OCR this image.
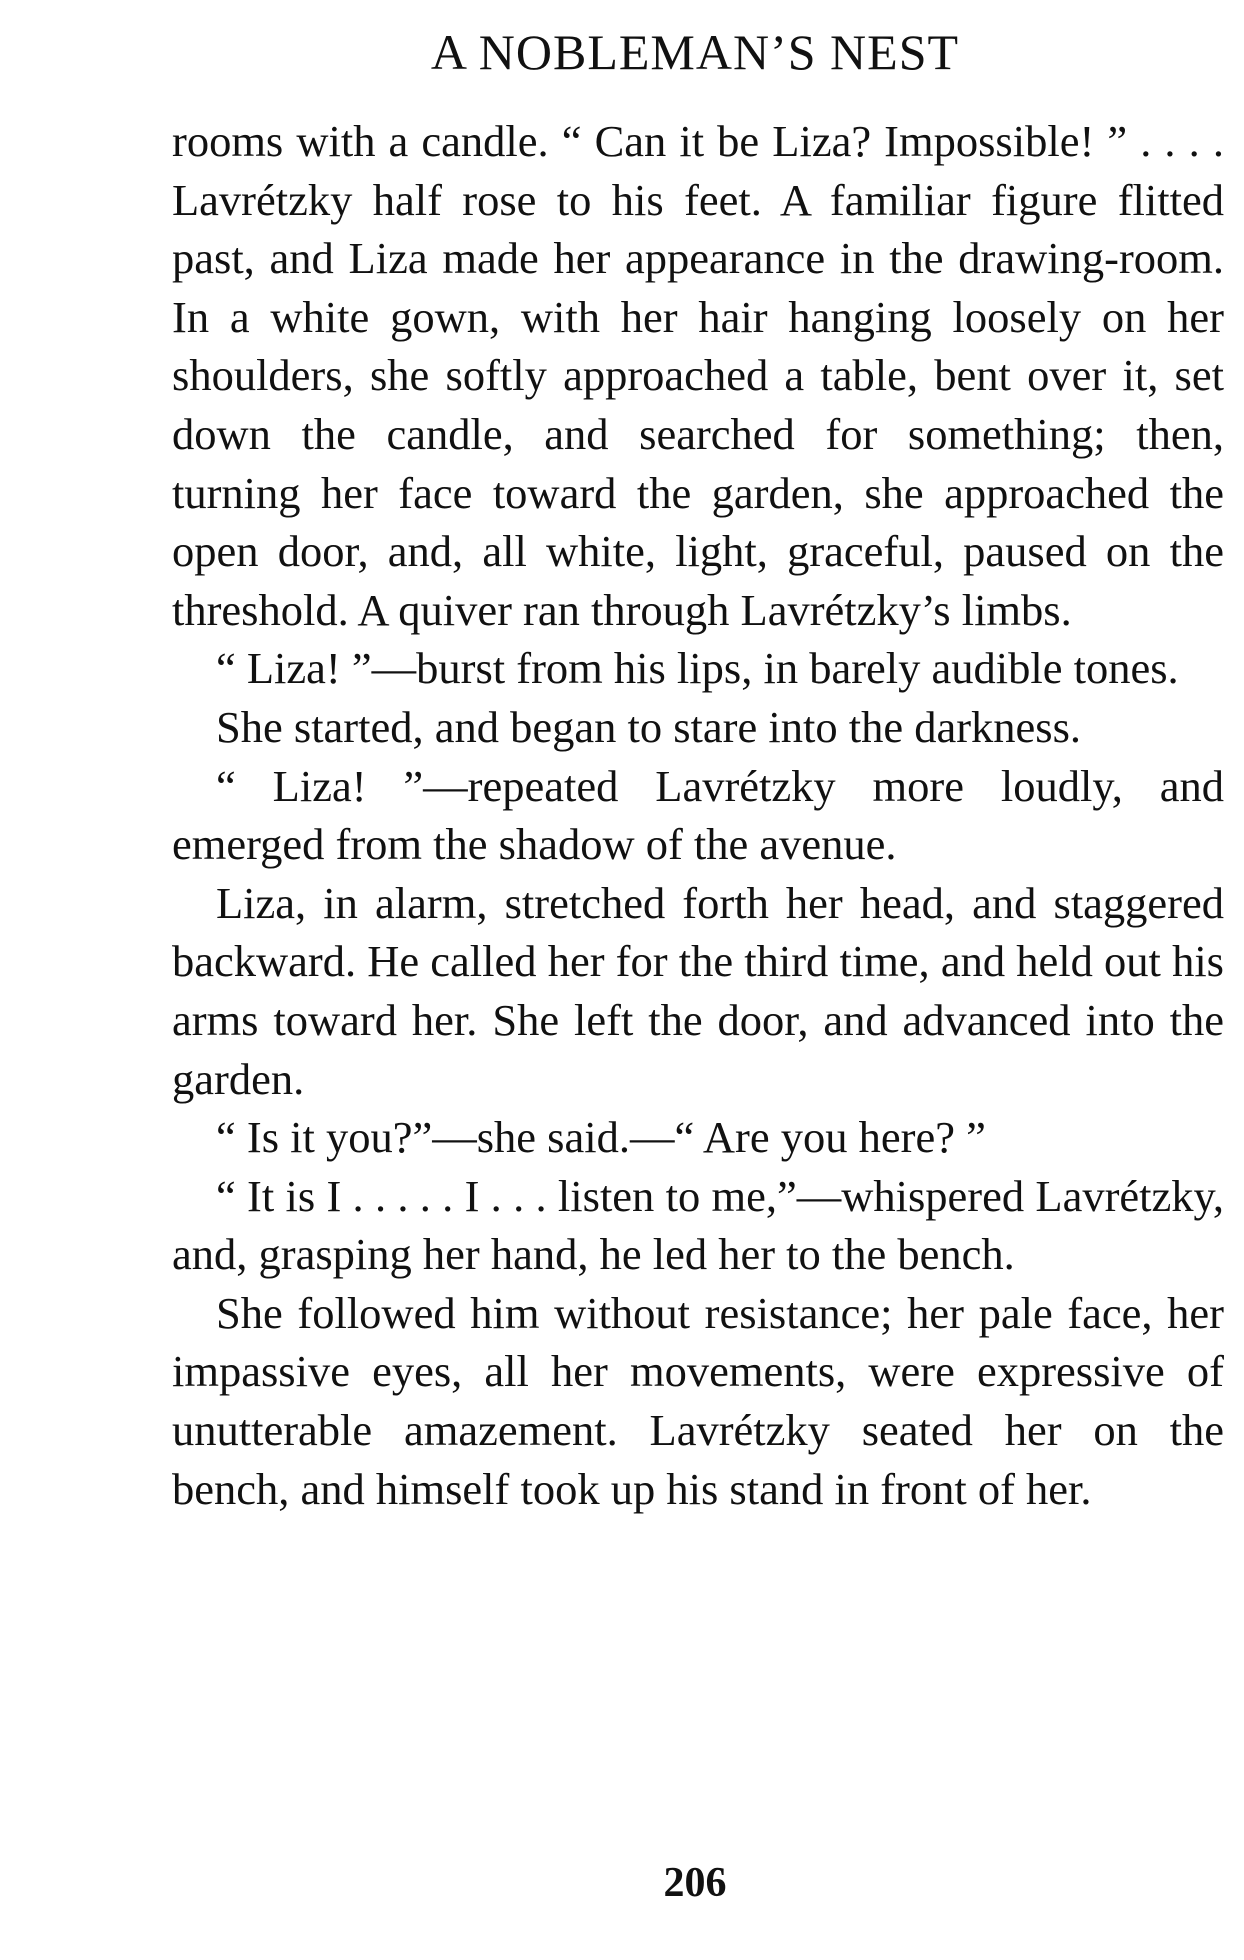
A NOBLEMAN’S NEST

rooms with a candle. “ Can it be Liza? Impossible! ” . . . . Lavrétzky half rose to his feet. A familiar figure flitted past, and Liza made her appearance in the drawing-room. In a white gown, with her hair hanging loosely on her shoulders, she softly approached a table, bent over it, set down the candle, and searched for something; then, turning her face toward the garden, she approached the open door, and, all white, light, graceful, paused on the threshold. A quiver ran through Lavrétzky’s limbs.

“ Liza! ”—burst from his lips, in barely audible tones.

She started, and began to stare into the darkness.

“ Liza! ”—repeated Lavrétzky more loudly, and emerged from the shadow of the avenue.

Liza, in alarm, stretched forth her head, and staggered backward. He called her for the third time, and held out his arms toward her. She left the door, and advanced into the garden.

“ Is it you?”—she said.—“ Are you here? ”

“ It is I . . . . . I . . . listen to me,”—whispered Lavrétzky, and, grasping her hand, he led her to the bench.

She followed him without resistance; her pale face, her impassive eyes, all her movements, were expressive of unutterable amazement. Lavrétzky seated her on the bench, and himself took up his stand in front of her.

206
